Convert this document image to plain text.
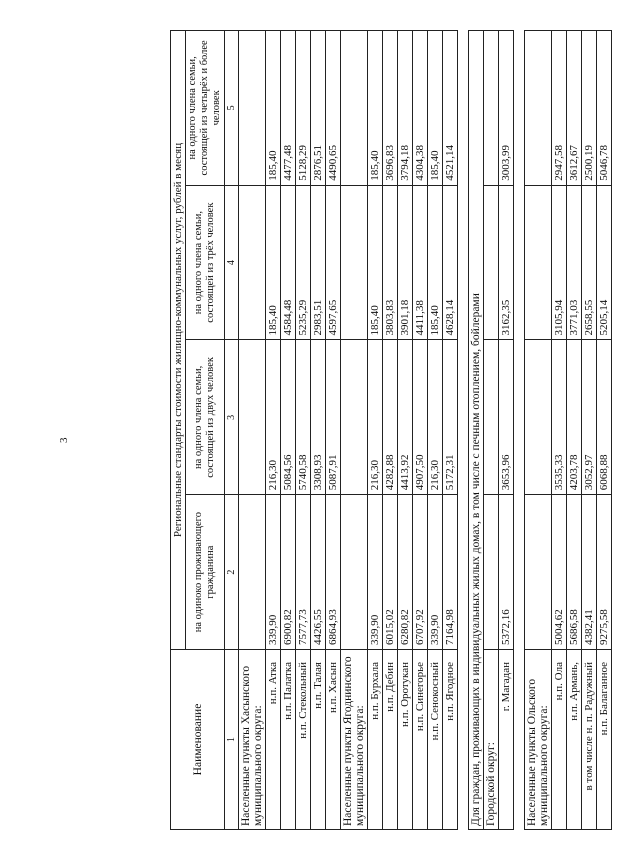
3
Наименование	Региональные стандарты стоимости жилищно-коммунальных услуг, рублей в месяц			
	на одиноко проживающего гражданина	на одного члена семьи, состоящей из двух человек	на одного члена семьи, состоящей из трёх человек	на одного члена семьи, состоящей из четырёх и более человек
1	2	3	4	5
Населенные пункты Хасынского муниципального округа:				
н.п. Атка	339,90	216,30	185,40	185,40
н.п. Палатка	6900,82	5084,56	4584,48	4477,48
н.п. Стекольный	7577,73	5740,58	5235,29	5128,29
н.п. Талая	4426,55	3308,93	2983,51	2876,51
н.п. Хасын	6864,93	5087,91	4597,65	4490,65
Населенные пункты Ягоднинского муниципального округа:				
н.п. Бурхала	339,90	216,30	185,40	185,40
н.п. Дебин	6015,02	4282,88	3803,83	3696,83
н.п. Оротукан	6280,82	4413,92	3901,18	3794,18
н.п. Синегорье	6707,92	4907,50	4411,38	4304,38
н.п. Сенокосный	339,90	216,30	185,40	185,40
н.п. Ягодное	7164,98	5172,31	4628,14	4521,14

Для граждан, проживающих в индивидуальных жилых домах, в том числе с печным отоплением, бойлерами				
Городской округ:				
г. Магадан	5372,16	3653,96	3162,35	3003,99

Населенные пункты Ольского муниципального округа:				
н.п. Ола	5004,62	3535,33	3105,94	2947,58
н.п. Армань,	5686,58	4203,78	3771,03	3612,67
в том числе н. п. Радужный	4382,41	3052,97	2658,55	2500,19
н.п. Балаганное	9275,58	6068,88	5205,14	5046,78
